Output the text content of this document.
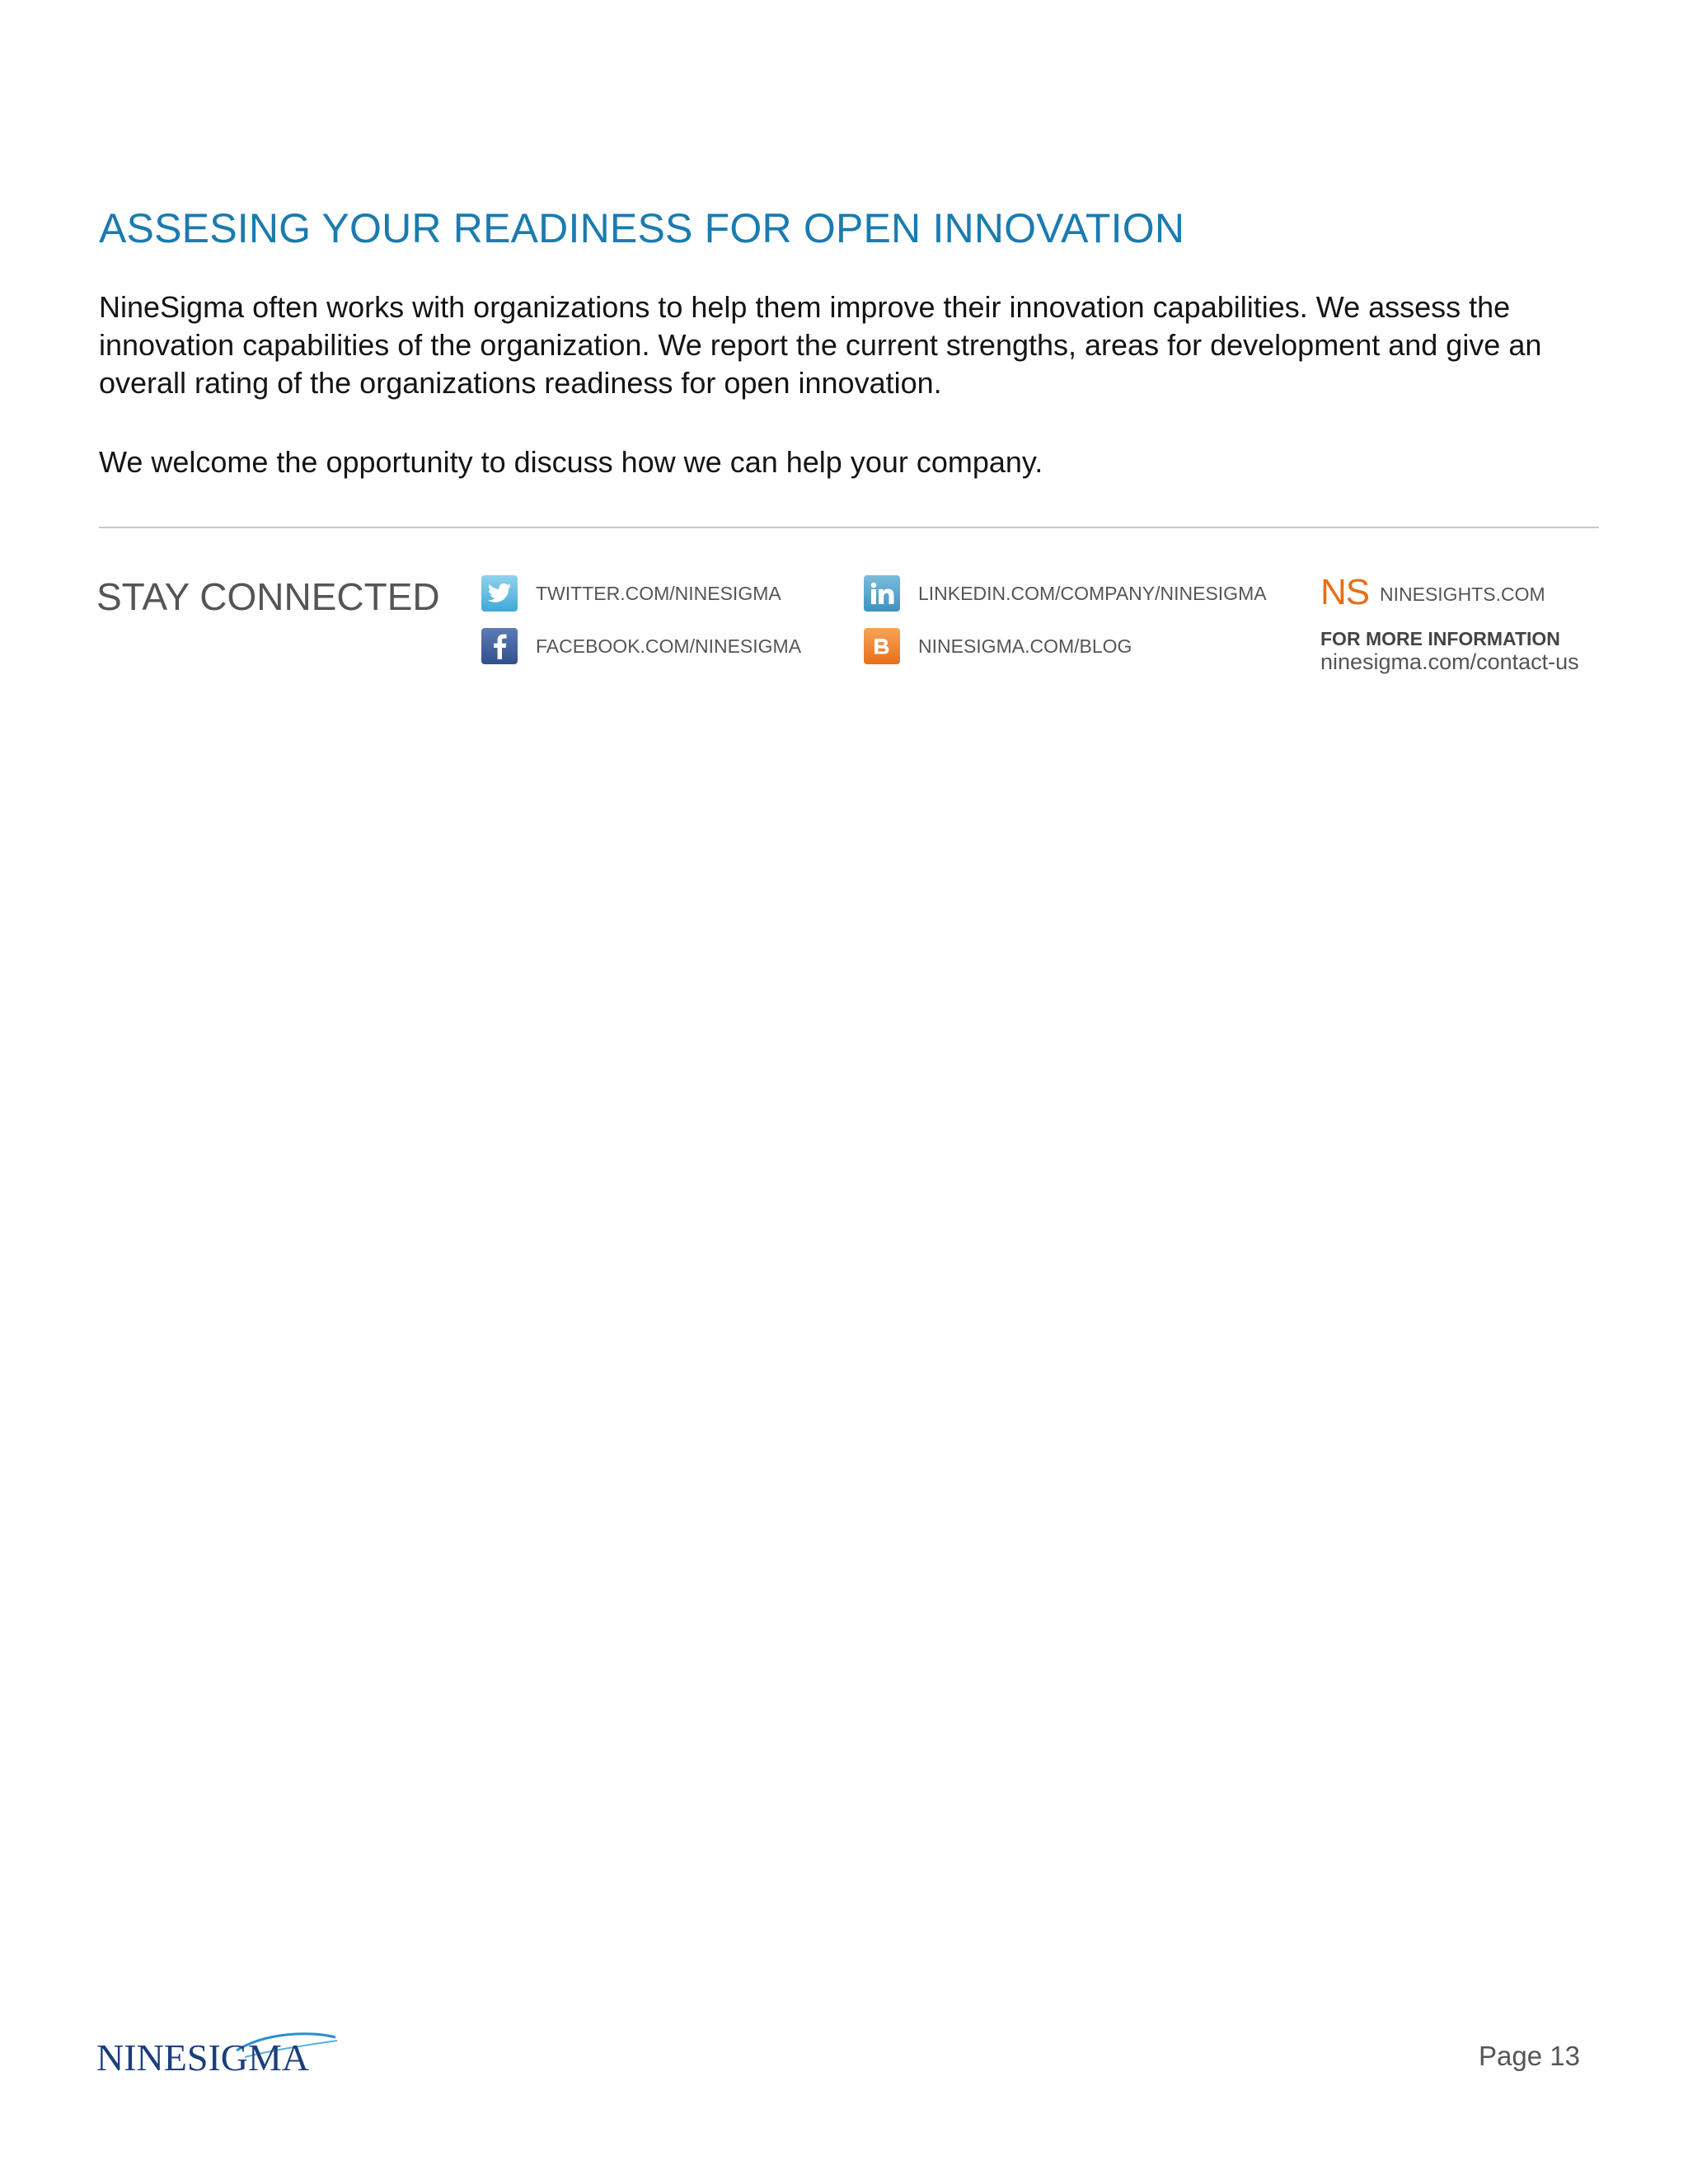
ASSESING YOUR READINESS FOR OPEN INNOVATION

NineSigma often works with organizations to help them improve their innovation capabilities. We assess the innovation capabilities of the organization. We report the current strengths, areas for development and give an overall rating of the organizations readiness for open innovation.

We welcome the opportunity to discuss how we can help your company.

STAY CONNECTED	TWITTER.COM/NINESIGMA
FACEBOOK.COM/NINESIGMA
LINKEDIN.COM/COMPANY/NINESIGMA
NINESIGMA.COM/BLOG
NS NINESIGHTS.COM
FOR MORE INFORMATION
ninesigma.com/contact-us
NINESIGMA	Page 13
